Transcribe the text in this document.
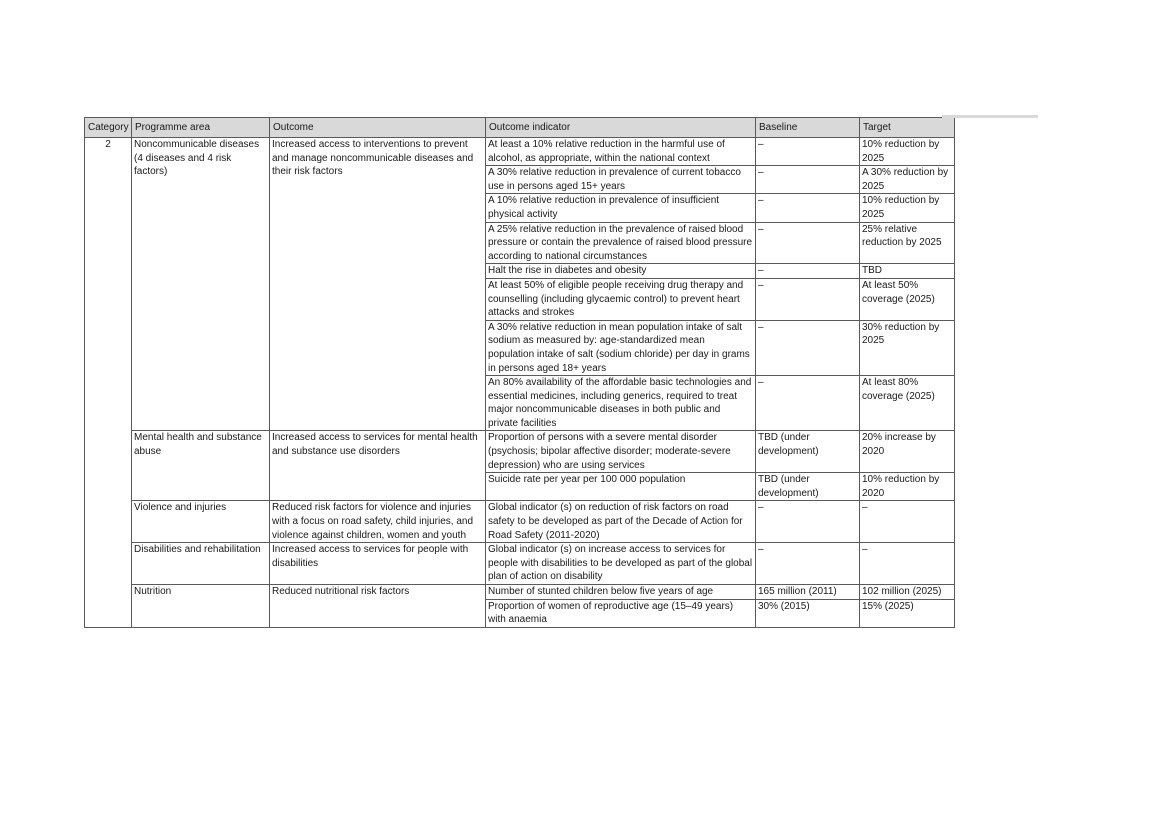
Category	Programme area	Outcome	Outcome indicator	Baseline	Target
2	Noncommunicable diseases (4 diseases and 4 risk factors)	Increased access to interventions to prevent and manage noncommunicable diseases and their risk factors	At least a 10% relative reduction in the harmful use of alcohol, as appropriate, within the national context	–	10% reduction by 2025
			A 30% relative reduction in prevalence of current tobacco use in persons aged 15+ years	–	A 30% reduction by 2025
			A 10% relative reduction in prevalence of insufficient physical activity	–	10% reduction by 2025
			A 25% relative reduction in the prevalence of raised blood pressure or contain the prevalence of raised blood pressure according to national circumstances	–	25% relative reduction by 2025
			Halt the rise in diabetes and obesity	–	TBD
			At least 50% of eligible people receiving drug therapy and counselling (including glycaemic control) to prevent heart attacks and strokes	–	At least 50% coverage (2025)
			A 30% relative reduction in mean population intake of salt sodium as measured by: age-standardized mean population intake of salt (sodium chloride) per day in grams in persons aged 18+ years	–	30% reduction by 2025
			An 80% availability of the affordable basic technologies and essential medicines, including generics, required to treat major noncommunicable diseases in both public and private facilities	–	At least 80% coverage (2025)
	Mental health and substance abuse	Increased access to services for mental health and substance use disorders	Proportion of persons with a severe mental disorder (psychosis; bipolar affective disorder; moderate-severe depression) who are using services	TBD (under development)	20% increase by 2020
			Suicide rate per year per 100 000 population	TBD (under development)	10% reduction by 2020
	Violence and injuries	Reduced risk factors for violence and injuries with a focus on road safety, child injuries, and violence against children, women and youth	Global indicator (s) on reduction of risk factors on road safety to be developed as part of the Decade of Action for Road Safety (2011-2020)	–	–
	Disabilities and rehabilitation	Increased access to services for people with disabilities	Global indicator (s) on increase access to services for people with disabilities to be developed as part of the global plan of action on disability	–	–
	Nutrition	Reduced nutritional risk factors	Number of stunted children below five years of age	165 million (2011)	102 million (2025)
			Proportion of women of reproductive age (15–49 years) with anaemia	30% (2015)	15% (2025)
